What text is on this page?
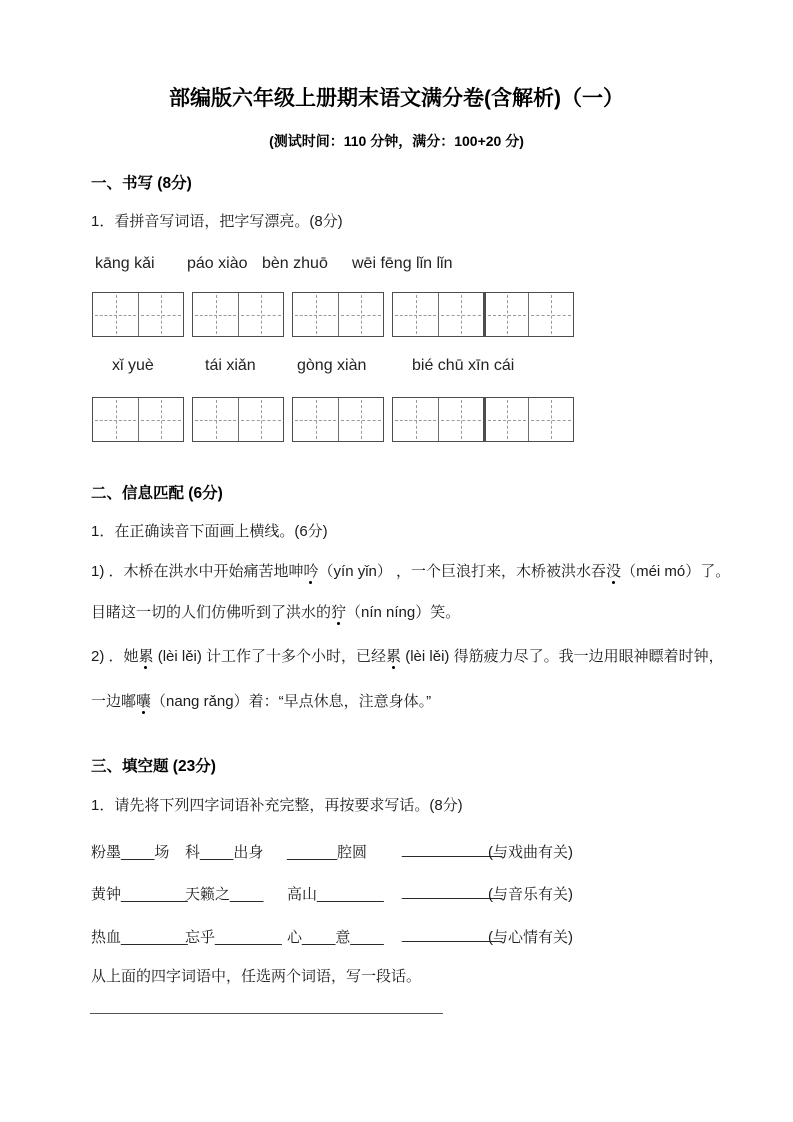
部编版六年级上册期末语文满分卷(含解析)（一）
(测试时间：110 分钟，满分：100+20 分)
一、书写 (8分)
1．看拼音写词语，把字写漂亮。(8分)
kāng kǎi páo xiào bèn zhuō wēi fēng lǐn lǐn
xǐ yuè	tái xiǎn	gòng xiàn	bié chū xīn cái
二、信息匹配 (6分)
1．在正确读音下面画上横线。(6分)
1) ．木桥在洪水中开始痛苦地呻吟（yín yǐn） ，一个巨浪打来，木桥被洪水吞没（méi mó）了。
目睹这一切的人们仿佛听到了洪水的狞（nín níng）笑。
2) ．她累 (lèi lěi) 计工作了十多个小时，已经累 (lèi lěi) 得筋疲力尽了。我一边用眼神瞟着时钟，
一边嘟囔（nang rǎng）着：“早点休息，注意身体。”
三、填空题 (23分)
1．请先将下列四字词语补充完整，再按要求写话。(8分)
粉墨____场 科____出身 ______腔圆 ____________
(与戏曲有关)
黄钟________
天籁之____ 高山________ ____________
(与音乐有关)
热血________
忘乎________ 心____意____ ____________
(与心情有关)
从上面的四字词语中，任选两个词语，写一段话。
